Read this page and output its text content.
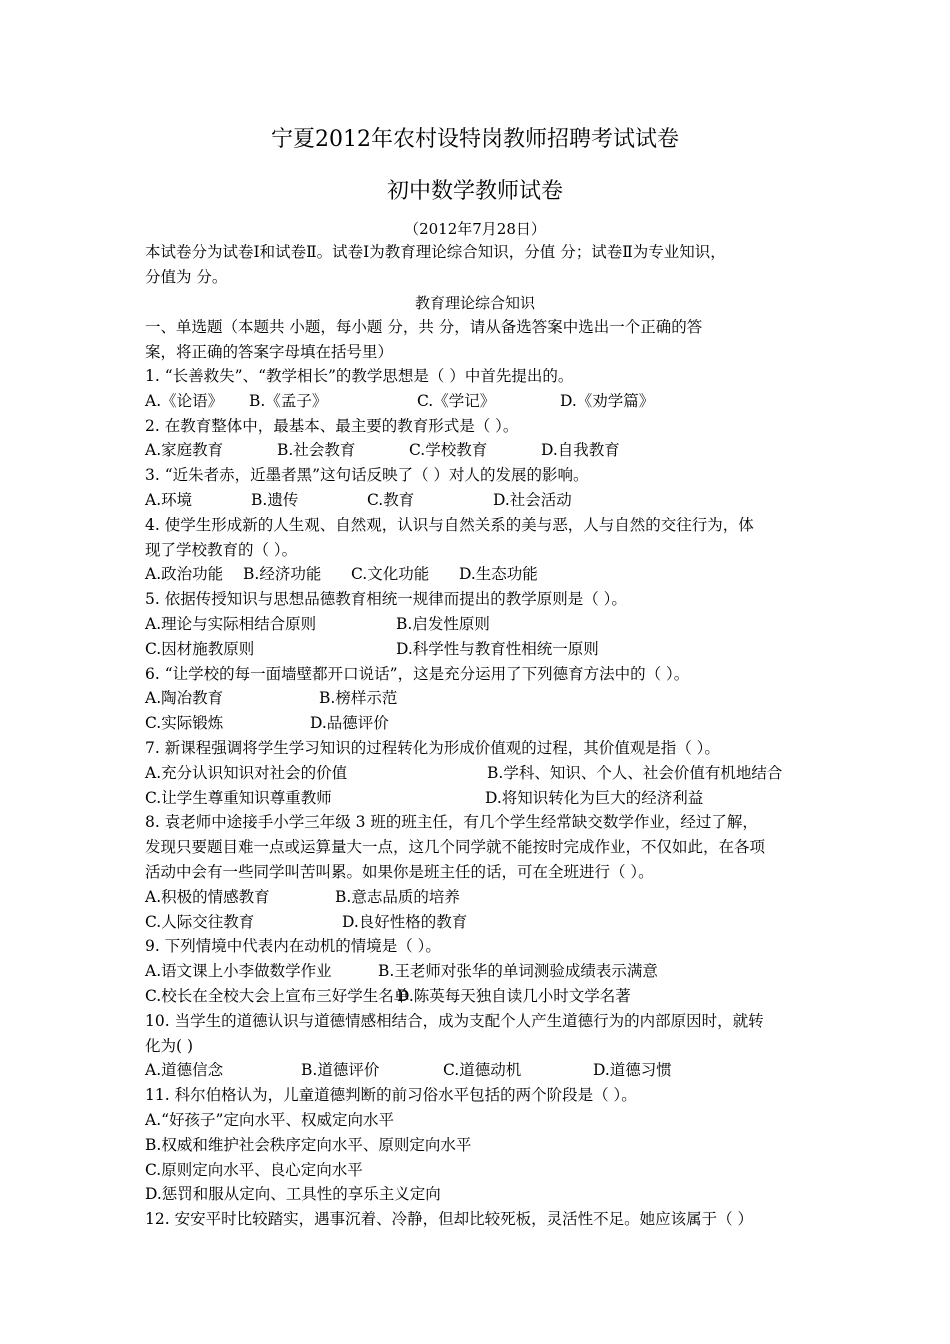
宁夏2012年农村设特岗教师招聘考试试卷
初中数学教师试卷
（2012年7月28日）
本试卷分为试卷Ⅰ和试卷Ⅱ。试卷Ⅰ为教育理论综合知识，分值 分；试卷Ⅱ为专业知识，
分值为 分。
教育理论综合知识
一、单选题（本题共 小题，每小题 分，共 分，请从备选答案中选出一个正确的答
案，将正确的答案字母填在括号里）
1. “长善救失”、“教学相长”的教学思想是（ ）中首先提出的。
A.《论语》 B.《孟子》	C.《学记》	D.《劝学篇》
2. 在教育整体中，最基本、最主要的教育形式是（ ）。
A.家庭教育	B.社会教育	C.学校教育	D.自我教育
3. “近朱者赤，近墨者黑”这句话反映了（ ）对人的发展的影响。
A.环境	B.遗传	C.教育	D.社会活动
4. 使学生形成新的人生观、自然观，认识与自然关系的美与恶，人与自然的交往行为，体
现了学校教育的（ ）。
A.政治功能 B.经济功能 C.文化功能 D.生态功能
5. 依据传授知识与思想品德教育相统一规律而提出的教学原则是（ ）。
A.理论与实际相结合原则	B.启发性原则
C.因材施教原则	D.科学性与教育性相统一原则
6. “让学校的每一面墙壁都开口说话”，这是充分运用了下列德育方法中的（ ）。
A.陶冶教育	B.榜样示范
C.实际锻炼	D.品德评价
7. 新课程强调将学生学习知识的过程转化为形成价值观的过程，其价值观是指（ ）。
A.充分认识知识对社会的价值	B.学科、知识、个人、社会价值有机地结合
C.让学生尊重知识尊重教师	D.将知识转化为巨大的经济利益
8. 袁老师中途接手小学三年级 3 班的班主任，有几个学生经常缺交数学作业，经过了解，
发现只要题目难一点或运算量大一点，这几个同学就不能按时完成作业，不仅如此，在各项
活动中会有一些同学叫苦叫累。如果你是班主任的话，可在全班进行（ ）。
A.积极的情感教育	B.意志品质的培养
C.人际交往教育	D.良好性格的教育
9. 下列情境中代表内在动机的情境是（ ）。
A.语文课上小李做数学作业	B.王老师对张华的单词测验成绩表示满意
C.校长在全校大会上宣布三好学生名单
D.陈英每天独自读几小时文学名著
10. 当学生的道德认识与道德情感相结合，成为支配个人产生道德行为的内部原因时，就转
化为( )
A.道德信念	B.道德评价	C.道德动机	D.道德习惯
11. 科尔伯格认为，儿童道德判断的前习俗水平包括的两个阶段是（ ）。
A.“好孩子”定向水平、权威定向水平
B.权威和维护社会秩序定向水平、原则定向水平
C.原则定向水平、良心定向水平
D.惩罚和服从定向、工具性的享乐主义定向
12. 安安平时比较踏实，遇事沉着、冷静，但却比较死板，灵活性不足。她应该属于（ ）
